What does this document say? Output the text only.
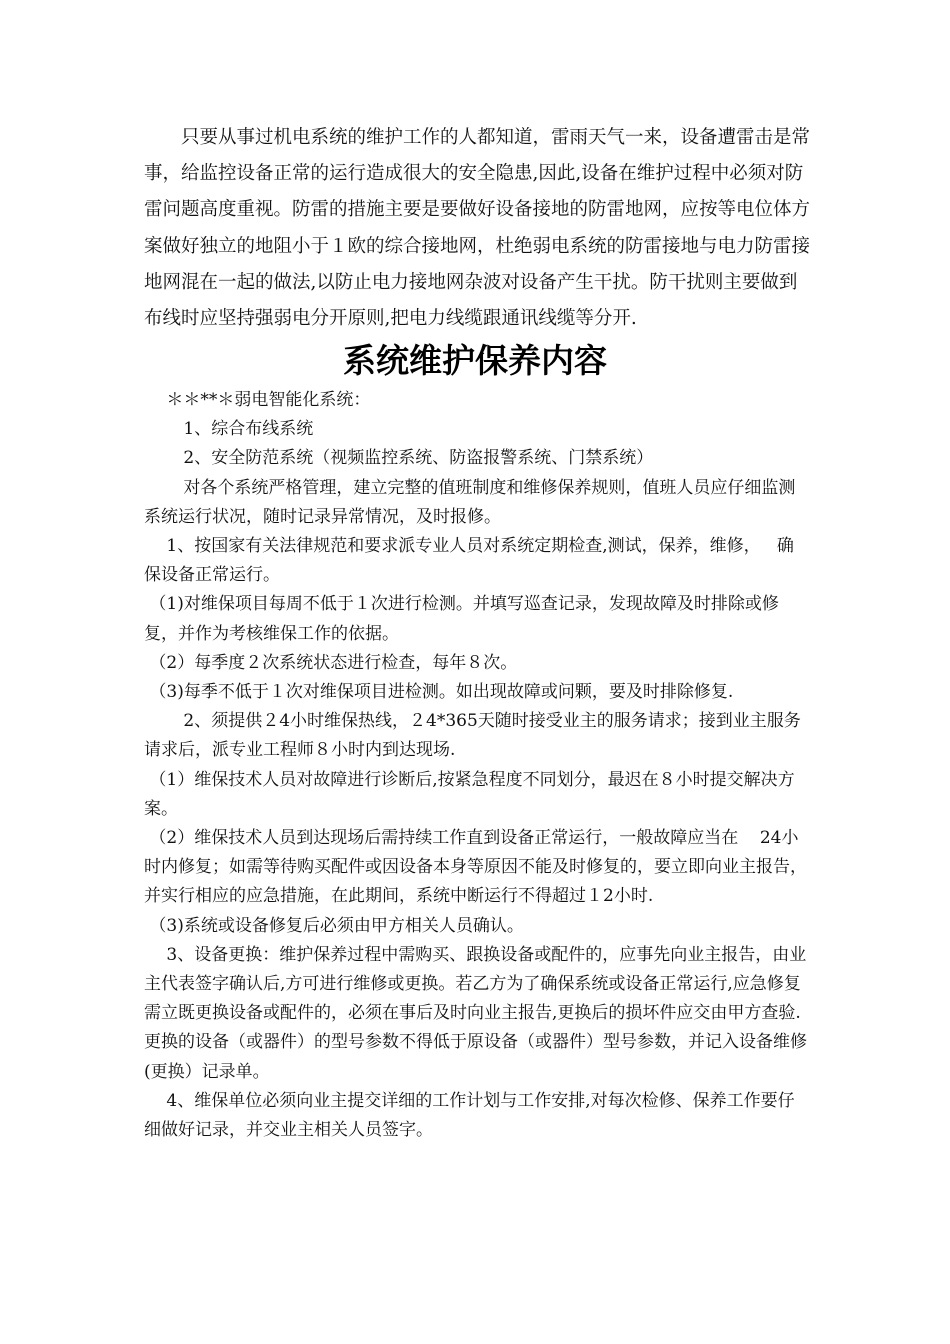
　　只要从事过机电系统的维护工作的人都知道，雷雨天气一来，设备遭雷击是常事，给监控设备正常的运行造成很大的安全隐患,因此,设备在维护过程中必须对防雷问题高度重视。防雷的措施主要是要做好设备接地的防雷地网，应按等电位体方案做好独立的地阻小于１欧的综合接地网，杜绝弱电系统的防雷接地与电力防雷接地网混在一起的做法,以防止电力接地网杂波对设备产生干扰。防干扰则主要做到布线时应坚持强弱电分开原则,把电力线缆跟通讯线缆等分开.

系统维护保养内容

　 ＊＊**＊弱电智能化系统：

　　 1、综合布线系统

　　 2、安全防范系统（视频监控系统、防盗报警系统、门禁系统）

　　 对各个系统严格管理，建立完整的值班制度和维修保养规则，值班人员应仔细监测系统运行状况，随时记录异常情况，及时报修。

　 1、按国家有关法律规范和要求派专业人员对系统定期检查,测试，保养，维修，   确保设备正常运行。

（1)对维保项目每周不低于１次进行检测。并填写巡查记录，发现故障及时排除或修复，并作为考核维保工作的依据。

（2）每季度２次系统状态进行检查，每年８次。

（3)每季不低于１次对维保项目进检测。如出现故障或问颗，要及时排除修复.

　　 2、须提供２4小时维保热线，２4*365天随时接受业主的服务请求；接到业主服务请求后，派专业工程师８小时内到达现场.

（1）维保技术人员对故障进行诊断后,按紧急程度不同划分，最迟在８小时提交解决方案。

（2）维保技术人员到达现场后需持续工作直到设备正常运行，一般故障应当在    24小时内修复；如需等待购买配件或因设备本身等原因不能及时修复的，要立即向业主报告，并实行相应的应急措施，在此期间，系统中断运行不得超过１2小时.

（3)系统或设备修复后必须由甲方相关人员确认。

　 3、设备更换：维护保养过程中需购买、跟换设备或配件的，应事先向业主报告，由业主代表签字确认后,方可进行维修或更换。若乙方为了确保系统或设备正常运行,应急修复需立既更换设备或配件的，必须在事后及时向业主报告,更换后的损坏件应交由甲方查验.更换的设备（或器件）的型号参数不得低于原设备（或器件）型号参数，并记入设备维修(更换）记录单。

　 4、维保单位必须向业主提交详细的工作计划与工作安排,对每次检修、保养工作要仔细做好记录，并交业主相关人员签字。
